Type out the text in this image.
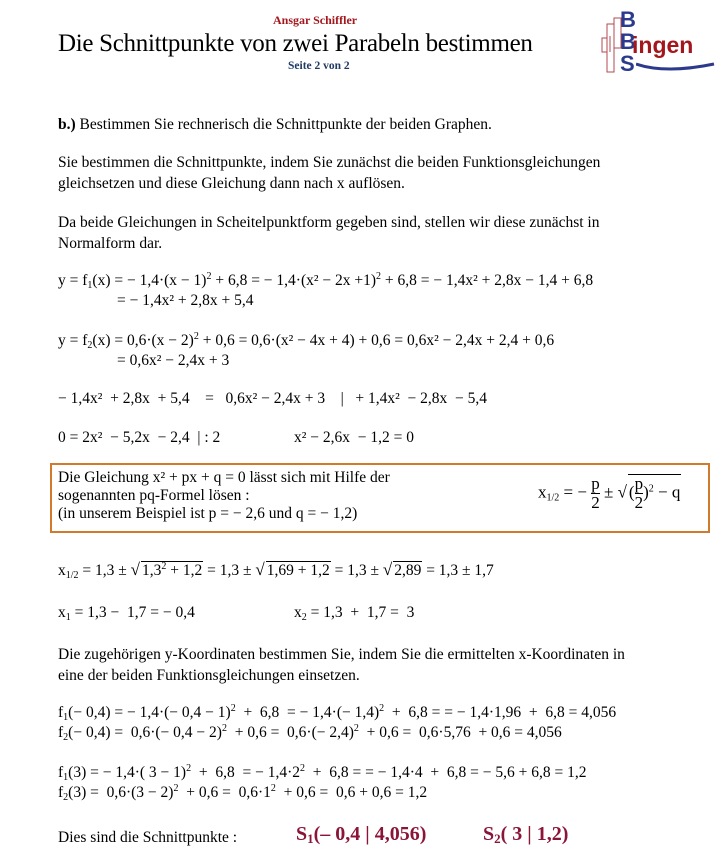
Ansgar Schiffler
Die Schnittpunkte von zwei Parabeln bestimmen
Seite 2 von 2
B
B
S
ingen
b.) Bestimmen Sie rechnerisch die Schnittpunkte der beiden Graphen.
Sie bestimmen die Schnittpunkte, indem Sie zunächst die beiden Funktionsgleichungen
gleichsetzen und diese Gleichung dann nach x auflösen.
Da beide Gleichungen in Scheitelpunktform gegeben sind, stellen wir diese zunächst in
Normalform dar.
$y = f_1(x)$ = − $1,4\cdot(x - 1)^2 + 6,8$ = − $1,4\cdot(x^2 - 2x +1)^2 + 6,8$ = − 1,4x² + 2,8x − 1,4 + 6,8
= − 1,4x² + 2,8x + 5,4
$y = f_2(x) = 0,6\cdot(x - 2)^2 + 0,6 = 0,6\cdot(x^2 - 4x + 4) + 0,6 = 0,6x^2 - 2,4x + 2,4 + 0,6$
= 0,6x² − 2,4x + 3
− 1,4x²  + 2,8x  + 5,4    =   0,6x² − 2,4x + 3    |   + 1,4x²  − 2,8x  − 5,4
0 = 2x²  − 5,2x  − 2,4  | : 2	x² − 2,6x  − 1,2 = 0
Die Gleichung x² + px + q = 0 lässt sich mit Hilfe der
sogenannten pq-Formel lösen :
(in unserem Beispiel ist p = − 2,6 und q = − 1,2)
$x_{1/2}$ = − $\frac{p}{2}$ ± √ ( $\frac{p}{2} )^2 - q$
$x_{1/2} = 1,3$ ± √ $1,3^2 + 1,2 = 1,3$ ± √ 1,69 + 1,2 = 1,3 ± √ 2,89 = 1,3 ± 1,7
$x_1 = 1,3 - 1,7$ = − 0,4	$x_2 = 1,3 + 1,7 = 3$
Die zugehörigen y-Koordinaten bestimmen Sie, indem Sie die ermittelten x-Koordinaten in
eine der beiden Funktionsgleichungen einsetzen.
$f_1(- 0,4)$ = − $1,4\cdot(- 0,4 - 1)^2 + 6,8$  = − $1,4\cdot(- 1,4)^2 + 6,8$ = = − 1,4·1,96  +  6,8 = 4,056
$f_2(- 0,4) = 0,6\cdot(- 0,4 - 2)^2 + 0,6 = 0,6\cdot(- 2,4)^2 + 0,6 = 0,6\cdot 5,76 + 0,6 = 4,056$
$f_1(3)$ = − 1,4·( 3 − 1)$^2$  +  6,8  = − $1,4\cdot 2^2 + 6,8$ = = − 1,4·4  +  6,8 = − 5,6 + 6,8 = 1,2
$f_2(3) = 0,6\cdot(3 - 2)^2 + 0,6 = 0,6\cdot 1^2 + 0,6 = 0,6 + 0,6 = 1,2$
Dies sind die Schnittpunkte :	$S_1(-$ 0,4 | 4,056)	$S_2$( 3 | 1,2)
